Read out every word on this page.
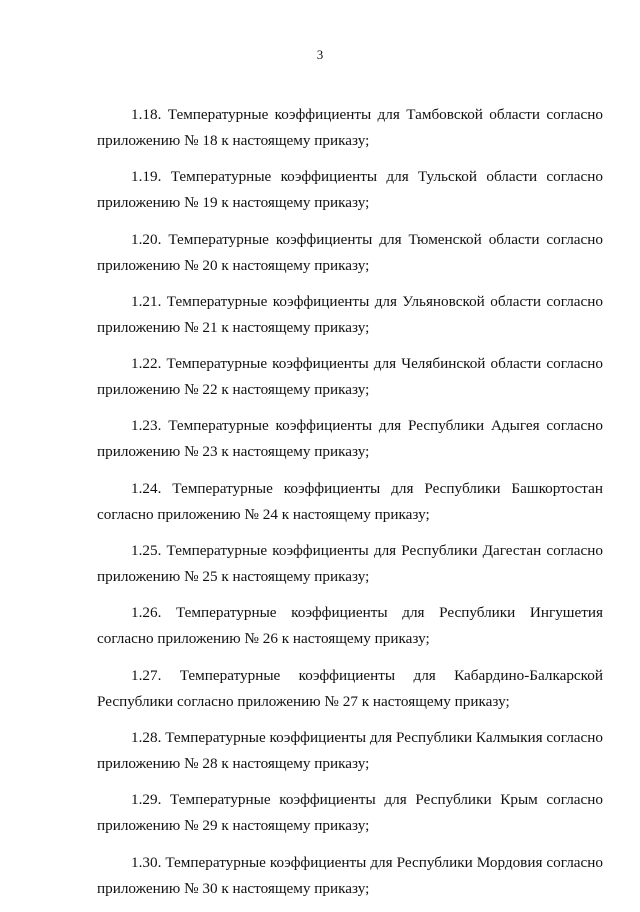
3

1.18. Температурные коэффициенты для Тамбовской области согласно приложению № 18 к настоящему приказу;

1.19. Температурные коэффициенты для Тульской области согласно приложению № 19 к настоящему приказу;

1.20. Температурные коэффициенты для Тюменской области согласно приложению № 20 к настоящему приказу;

1.21. Температурные коэффициенты для Ульяновской области согласно приложению № 21 к настоящему приказу;

1.22. Температурные коэффициенты для Челябинской области согласно приложению № 22 к настоящему приказу;

1.23. Температурные коэффициенты для Республики Адыгея согласно приложению № 23 к настоящему приказу;

1.24. Температурные коэффициенты для Республики Башкортостан согласно приложению № 24 к настоящему приказу;

1.25. Температурные коэффициенты для Республики Дагестан согласно приложению № 25 к настоящему приказу;

1.26. Температурные коэффициенты для Республики Ингушетия согласно приложению № 26 к настоящему приказу;

1.27. Температурные коэффициенты для Кабардино-Балкарской Республики согласно приложению № 27 к настоящему приказу;

1.28. Температурные коэффициенты для Республики Калмыкия согласно приложению № 28 к настоящему приказу;

1.29. Температурные коэффициенты для Республики Крым согласно приложению № 29 к настоящему приказу;

1.30. Температурные коэффициенты для Республики Мордовия согласно приложению № 30 к настоящему приказу;
